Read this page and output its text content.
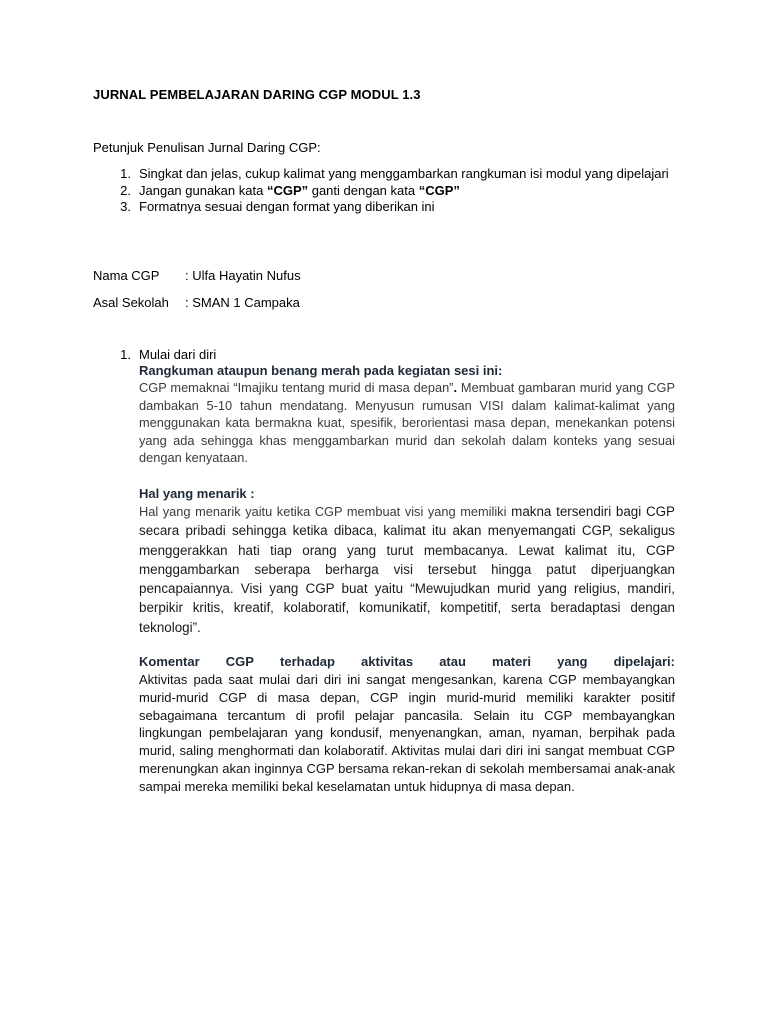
JURNAL PEMBELAJARAN DARING CGP MODUL 1.3
Petunjuk Penulisan Jurnal Daring CGP:
1. Singkat dan jelas, cukup kalimat yang menggambarkan rangkuman isi modul yang dipelajari
2. Jangan gunakan kata “CGP” ganti dengan kata “CGP”
3. Formatnya sesuai dengan format yang diberikan ini
Nama CGP : Ulfa Hayatin Nufus
Asal Sekolah : SMAN 1 Campaka
1. Mulai dari diri
Rangkuman ataupun benang merah pada kegiatan sesi ini:
CGP memaknai “Imajiku tentang murid di masa depan”. Membuat gambaran murid yang CGP dambakan 5-10 tahun mendatang. Menyusun rumusan VISI dalam kalimat-kalimat yang menggunakan kata bermakna kuat, spesifik, berorientasi masa depan, menekankan potensi yang ada sehingga khas menggambarkan murid dan sekolah dalam konteks yang sesuai dengan kenyataan.
Hal yang menarik :
Hal yang menarik yaitu ketika CGP membuat visi yang memiliki makna tersendiri bagi CGP secara pribadi sehingga ketika dibaca, kalimat itu akan menyemangati CGP, sekaligus menggerakkan hati tiap orang yang turut membacanya. Lewat kalimat itu, CGP menggambarkan seberapa berharga visi tersebut hingga patut diperjuangkan pencapaiannya. Visi yang CGP buat yaitu “Mewujudkan murid yang religius, mandiri, berpikir kritis, kreatif, kolaboratif, komunikatif, kompetitif, serta beradaptasi dengan teknologi”.
Komentar CGP terhadap aktivitas atau materi yang dipelajari:
Aktivitas pada saat mulai dari diri ini sangat mengesankan, karena CGP membayangkan murid-murid CGP di masa depan, CGP ingin murid-murid memiliki karakter positif sebagaimana tercantum di profil pelajar pancasila. Selain itu CGP membayangkan lingkungan pembelajaran yang kondusif, menyenangkan, aman, nyaman, berpihak pada murid, saling menghormati dan kolaboratif. Aktivitas mulai dari diri ini sangat membuat CGP merenungkan akan inginnya CGP bersama rekan-rekan di sekolah membersamai anak-anak sampai mereka memiliki bekal keselamatan untuk hidupnya di masa depan.
